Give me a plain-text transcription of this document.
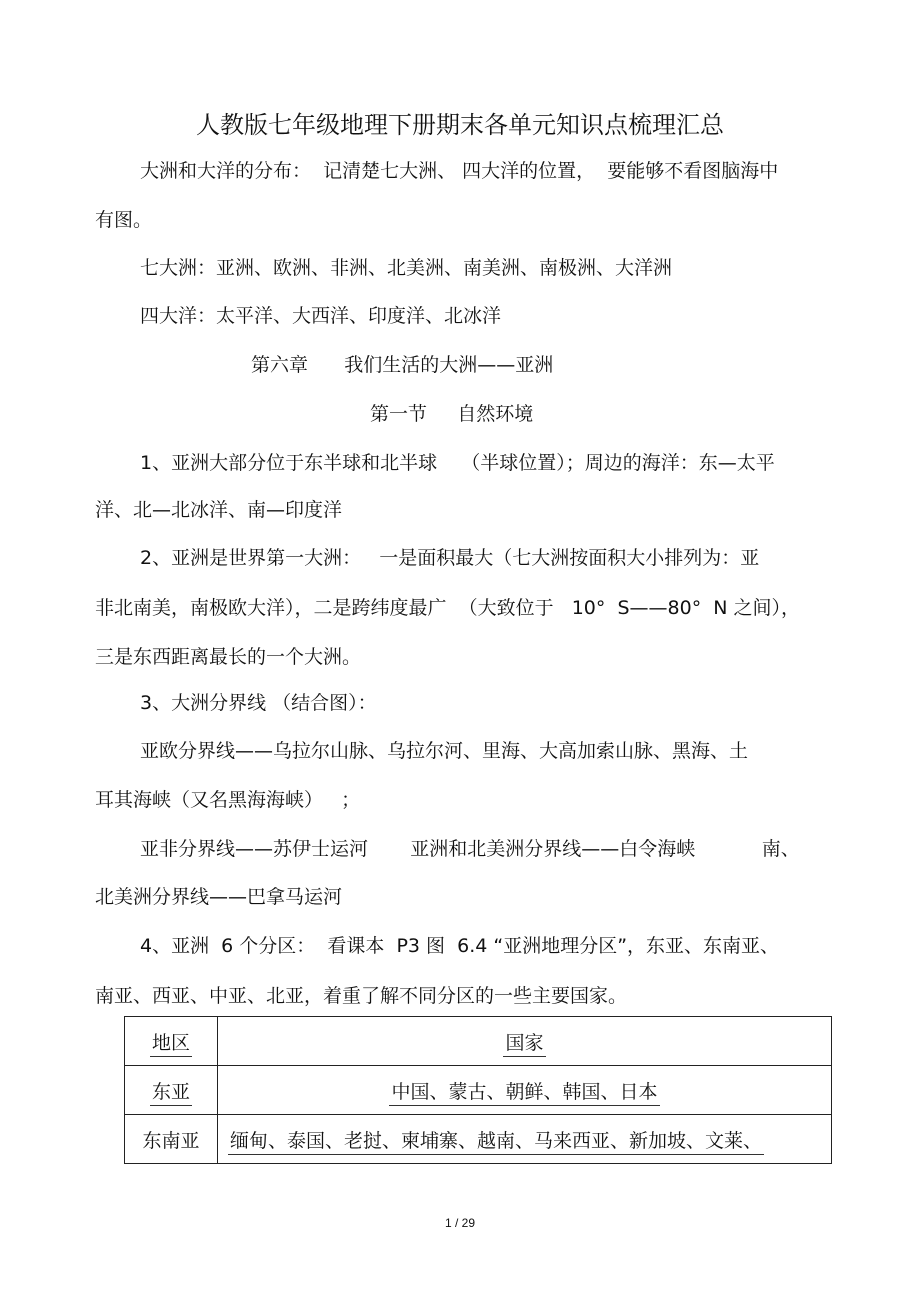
人教版七年级地理下册期末各单元知识点梳理汇总
大洲和大洋的分布：  记清楚七大洲、 四大洋的位置，  要能够不看图脑海中
有图。
七大洲：亚洲、欧洲、非洲、北美洲、南美洲、南极洲、大洋洲
四大洋：太平洋、大西洋、印度洋、北冰洋
第六章      我们生活的大洲——亚洲
第一节     自然环境
1、亚洲大部分位于东半球和北半球    （半球位置）；周边的海洋：东—太平
洋、北—北冰洋、南—印度洋
2、亚洲是世界第一大洲：   一是面积最大（七大洲按面积大小排列为：亚
非北南美，南极欧大洋），二是跨纬度最广  （大致位于   10°  S——80°  N 之间），
三是东西距离最长的一个大洲。
3、大洲分界线 （结合图）：
亚欧分界线——乌拉尔山脉、乌拉尔河、里海、大高加索山脉、黑海、土
耳其海峡（又名黑海海峡）   ；
亚非分界线——苏伊士运河       亚洲和北美洲分界线——白令海峡           南、
北美洲分界线——巴拿马运河
4、亚洲  6 个分区：  看课本  P3 图  6.4 “亚洲地理分区”，东亚、东南亚、
南亚、西亚、中亚、北亚，着重了解不同分区的一些主要国家。
地区	国家
东亚	中国、蒙古、朝鲜、韩国、日本
东南亚	缅甸、泰国、老挝、柬埔寨、越南、马来西亚、新加坡、文莱、
1 / 29
